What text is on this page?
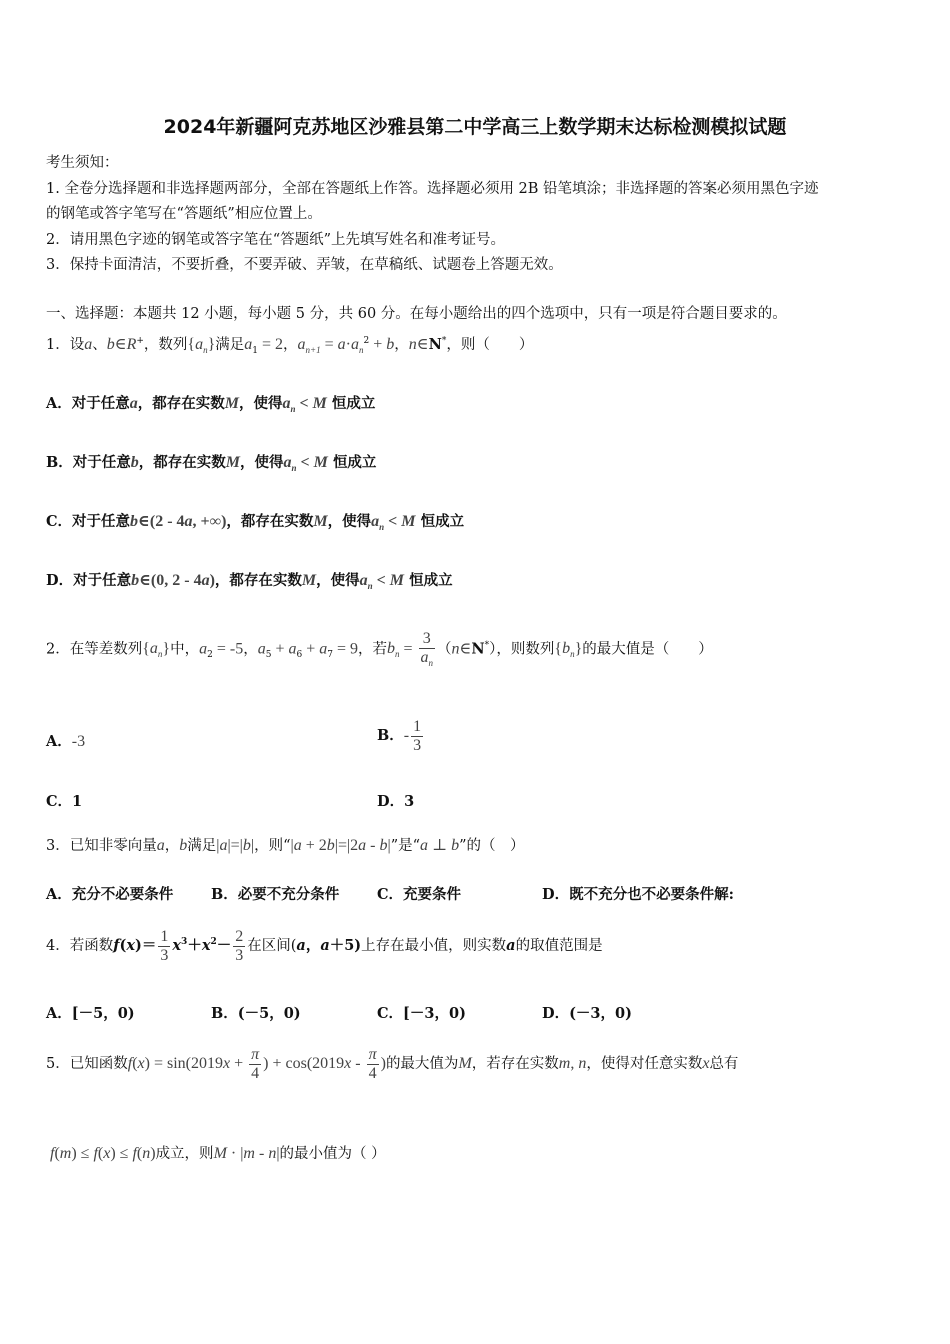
2024年新疆阿克苏地区沙雅县第二中学高三上数学期末达标检测模拟试题
考生须知：
1. 全卷分选择题和非选择题两部分，全部在答题纸上作答。选择题必须用 2B 铅笔填涂；非选择题的答案必须用黑色字迹
的钢笔或答字笔写在“答题纸”相应位置上。
2．请用黑色字迹的钢笔或答字笔在“答题纸”上先填写姓名和准考证号。
3．保持卡面清洁，不要折叠，不要弄破、弄皱，在草稿纸、试题卷上答题无效。
一、选择题：本题共 12 小题，每小题 5 分，共 60 分。在每小题给出的四个选项中，只有一项是符合题目要求的。
1．设a、b∈R+，数列$\{a_n\}$满足$a_1 = 2$，$a_{n+1} = a\cdot a_n^2 + b$，n∈N*，则（　　）
A．对于任意a，都存在实数M，使得$a_n < M$ 恒成立
B．对于任意b，都存在实数M，使得$a_n < M$ 恒成立
C．对于任意b∈(2 - 4a, +∞)，都存在实数M，使得$a_n < M$ 恒成立
D．对于任意b∈(0, 2 - 4a)，都存在实数M，使得$a_n < M$ 恒成立
2．在等差数列$\{a_n\}$中，$a_2 = -5$，$a_5 + a_6 + a_7 = 9$，若$b_n = \frac{3}{a_n}$ （n∈N*），则数列$\{b_n\}$的最大值是（　　）
A．-3	B．- $\frac{1}{3}$
C．1	D．3
3．已知非零向量a，b满足|a|=|b|，则“|a + 2b|=|2a - b|”是“a ⊥ b”的（　）
A．充分不必要条件	B．必要不充分条件	C．充要条件	D．既不充分也不必要条件解:
4．若函数$f(x)= \frac{1}{3} x^3+x^2- \frac{2}{3}$ 在区间(a，a＋5)上存在最小值，则实数a的取值范围是
A．[－5，0)	B．(－5，0)	C．[－3，0)	D．(－3，0)
5．已知函数$f(x) = \sin(2019x + \frac{\pi}{4}$ ) + $\cos(2019x - \frac{\pi}{4}$ )的最大值为M，若存在实数m, n，使得对任意实数x总有
f(m) ≤ f(x) ≤ f(n)成立，则M · |m - n|的最小值为（ ）
